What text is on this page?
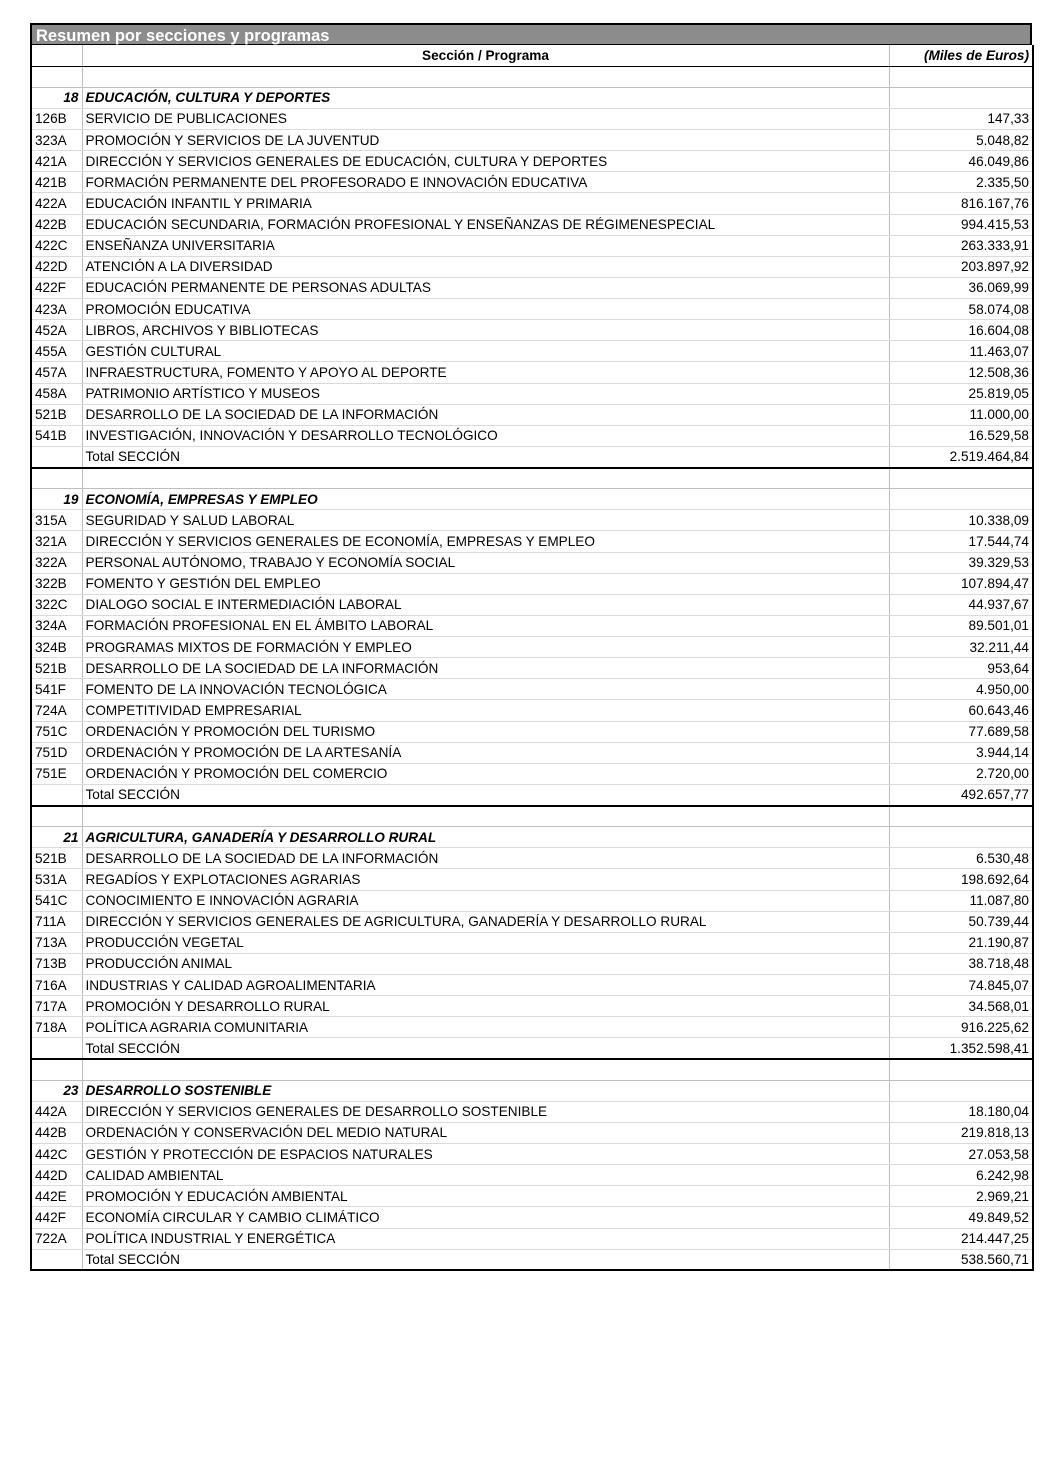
Resumen por secciones y programas
	Sección / Programa	(Miles de Euros)

18	EDUCACIÓN, CULTURA Y DEPORTES	
126B	SERVICIO DE PUBLICACIONES	147,33
323A	PROMOCIÓN Y SERVICIOS DE LA JUVENTUD	5.048,82
421A	DIRECCIÓN Y SERVICIOS GENERALES DE EDUCACIÓN, CULTURA Y DEPORTES	46.049,86
421B	FORMACIÓN PERMANENTE DEL PROFESORADO E INNOVACIÓN EDUCATIVA	2.335,50
422A	EDUCACIÓN INFANTIL Y PRIMARIA	816.167,76
422B	EDUCACIÓN SECUNDARIA, FORMACIÓN PROFESIONAL Y ENSEÑANZAS DE RÉGIMENESPECIAL	994.415,53
422C	ENSEÑANZA UNIVERSITARIA	263.333,91
422D	ATENCIÓN A LA DIVERSIDAD	203.897,92
422F	EDUCACIÓN PERMANENTE DE PERSONAS ADULTAS	36.069,99
423A	PROMOCIÓN EDUCATIVA	58.074,08
452A	LIBROS, ARCHIVOS Y BIBLIOTECAS	16.604,08
455A	GESTIÓN CULTURAL	11.463,07
457A	INFRAESTRUCTURA, FOMENTO Y APOYO AL DEPORTE	12.508,36
458A	PATRIMONIO ARTÍSTICO Y MUSEOS	25.819,05
521B	DESARROLLO DE LA SOCIEDAD DE LA INFORMACIÓN	11.000,00
541B	INVESTIGACIÓN, INNOVACIÓN Y DESARROLLO TECNOLÓGICO	16.529,58
	Total SECCIÓN	2.519.464,84

19	ECONOMÍA, EMPRESAS Y EMPLEO	
315A	SEGURIDAD Y SALUD LABORAL	10.338,09
321A	DIRECCIÓN Y SERVICIOS GENERALES DE ECONOMÍA, EMPRESAS Y EMPLEO	17.544,74
322A	PERSONAL AUTÓNOMO, TRABAJO Y ECONOMÍA SOCIAL	39.329,53
322B	FOMENTO Y GESTIÓN DEL EMPLEO	107.894,47
322C	DIALOGO SOCIAL E INTERMEDIACIÓN LABORAL	44.937,67
324A	FORMACIÓN PROFESIONAL EN EL ÁMBITO LABORAL	89.501,01
324B	PROGRAMAS MIXTOS DE FORMACIÓN Y EMPLEO	32.211,44
521B	DESARROLLO DE LA SOCIEDAD DE LA INFORMACIÓN	953,64
541F	FOMENTO DE LA INNOVACIÓN TECNOLÓGICA	4.950,00
724A	COMPETITIVIDAD EMPRESARIAL	60.643,46
751C	ORDENACIÓN Y PROMOCIÓN DEL TURISMO	77.689,58
751D	ORDENACIÓN Y PROMOCIÓN DE LA ARTESANÍA	3.944,14
751E	ORDENACIÓN Y PROMOCIÓN DEL COMERCIO	2.720,00
	Total SECCIÓN	492.657,77

21	AGRICULTURA, GANADERÍA Y DESARROLLO RURAL	
521B	DESARROLLO DE LA SOCIEDAD DE LA INFORMACIÓN	6.530,48
531A	REGADÍOS Y EXPLOTACIONES AGRARIAS	198.692,64
541C	CONOCIMIENTO E INNOVACIÓN AGRARIA	11.087,80
711A	DIRECCIÓN Y SERVICIOS GENERALES DE AGRICULTURA, GANADERÍA Y DESARROLLO RURAL	50.739,44
713A	PRODUCCIÓN VEGETAL	21.190,87
713B	PRODUCCIÓN ANIMAL	38.718,48
716A	INDUSTRIAS Y CALIDAD AGROALIMENTARIA	74.845,07
717A	PROMOCIÓN Y DESARROLLO RURAL	34.568,01
718A	POLÍTICA AGRARIA COMUNITARIA	916.225,62
	Total SECCIÓN	1.352.598,41

23	DESARROLLO SOSTENIBLE	
442A	DIRECCIÓN Y SERVICIOS GENERALES DE DESARROLLO SOSTENIBLE	18.180,04
442B	ORDENACIÓN Y CONSERVACIÓN DEL MEDIO NATURAL	219.818,13
442C	GESTIÓN Y PROTECCIÓN DE ESPACIOS NATURALES	27.053,58
442D	CALIDAD AMBIENTAL	6.242,98
442E	PROMOCIÓN Y EDUCACIÓN AMBIENTAL	2.969,21
442F	ECONOMÍA CIRCULAR Y CAMBIO CLIMÁTICO	49.849,52
722A	POLÍTICA INDUSTRIAL Y ENERGÉTICA	214.447,25
	Total SECCIÓN	538.560,71
